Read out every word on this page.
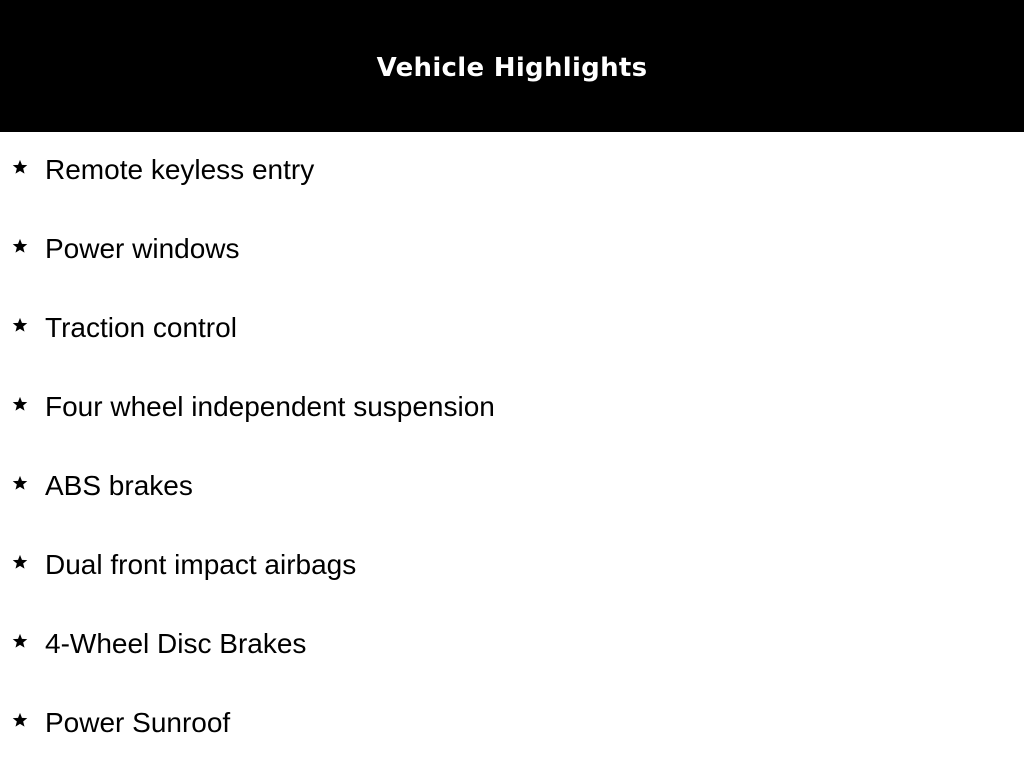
Vehicle Highlights
Remote keyless entry
Power windows
Traction control
Four wheel independent suspension
ABS brakes
Dual front impact airbags
4-Wheel Disc Brakes
Power Sunroof
